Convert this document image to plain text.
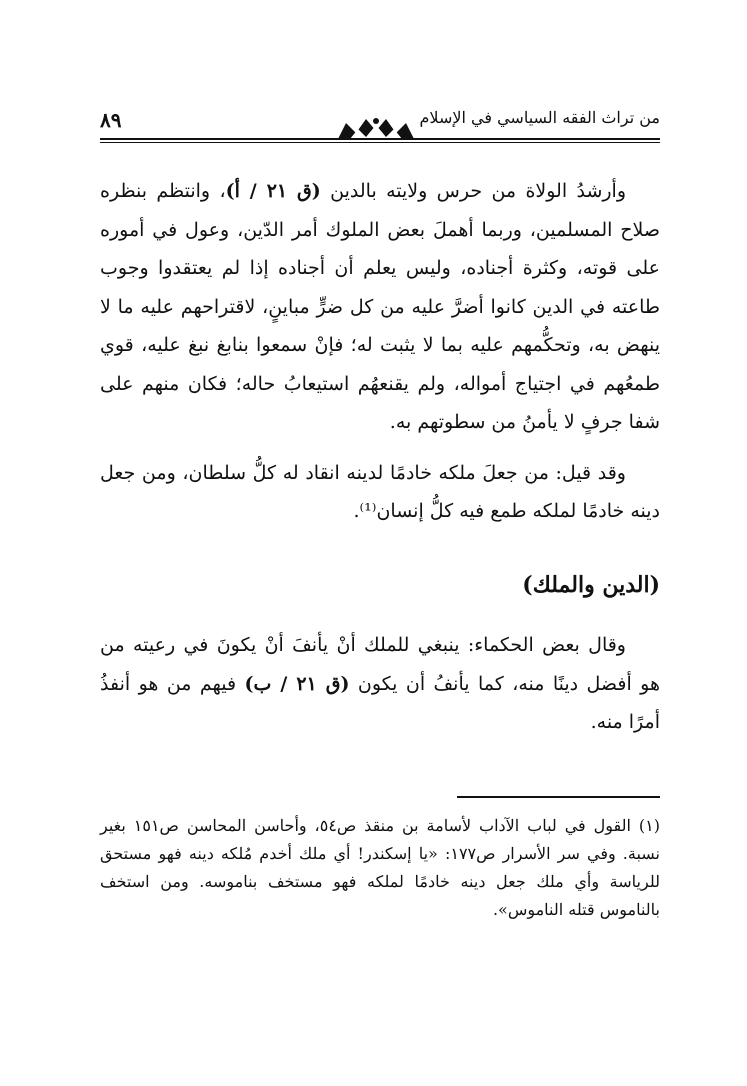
من تراث الفقه السياسي في الإسلام
٨٩

وأرشدُ الولاة من حرس ولايته بالدين (ق ٢١ / أ)، وانتظم بنظره صلاح المسلمين، وربما أهملَ بعض الملوك أمر الدّين، وعول في أموره على قوته، وكثرة أجناده، وليس يعلم أن أجناده إذا لم يعتقدوا وجوب طاعته في الدين كانوا أضرَّ عليه من كل ضرٍّ مباينٍ، لاقتراحهم عليه ما لا ينهض به، وتحكُّمهم عليه بما لا يثبت له؛ فإنْ سمعوا بنابغ نبغ عليه، قوي طمعُهم في اجتياج أمواله، ولم يقنعهُم استيعابُ حاله؛ فكان منهم على شفا جرفٍ لا يأمنُ من سطوتهم به.

وقد قيل: من جعلَ ملكه خادمًا لدينه انقاد له كلُّ سلطان، ومن جعل دينه خادمًا لملكه طمع فيه كلُّ إنسان⁽¹⁾.

(الدين والملك)

وقال بعض الحكماء: ينبغي للملك أنْ يأنفَ أنْ يكونَ في رعيته من هو أفضل دينًا منه، كما يأنفُ أن يكون (ق ٢١ / ب) فيهم من هو أنفذُ أمرًا منه.

(١)القول في لباب الآداب لأسامة بن منقذ ص٥٤، وأحاسن المحاسن ص١٥١ بغير نسبة. وفي سر الأسرار ص١٧٧: «يا إسكندر! أي ملك أخدم مُلكه دينه فهو مستحق للرياسة وأي ملك جعل دينه خادمًا لملكه فهو مستخف بناموسه. ومن استخف بالناموس قتله الناموس».
